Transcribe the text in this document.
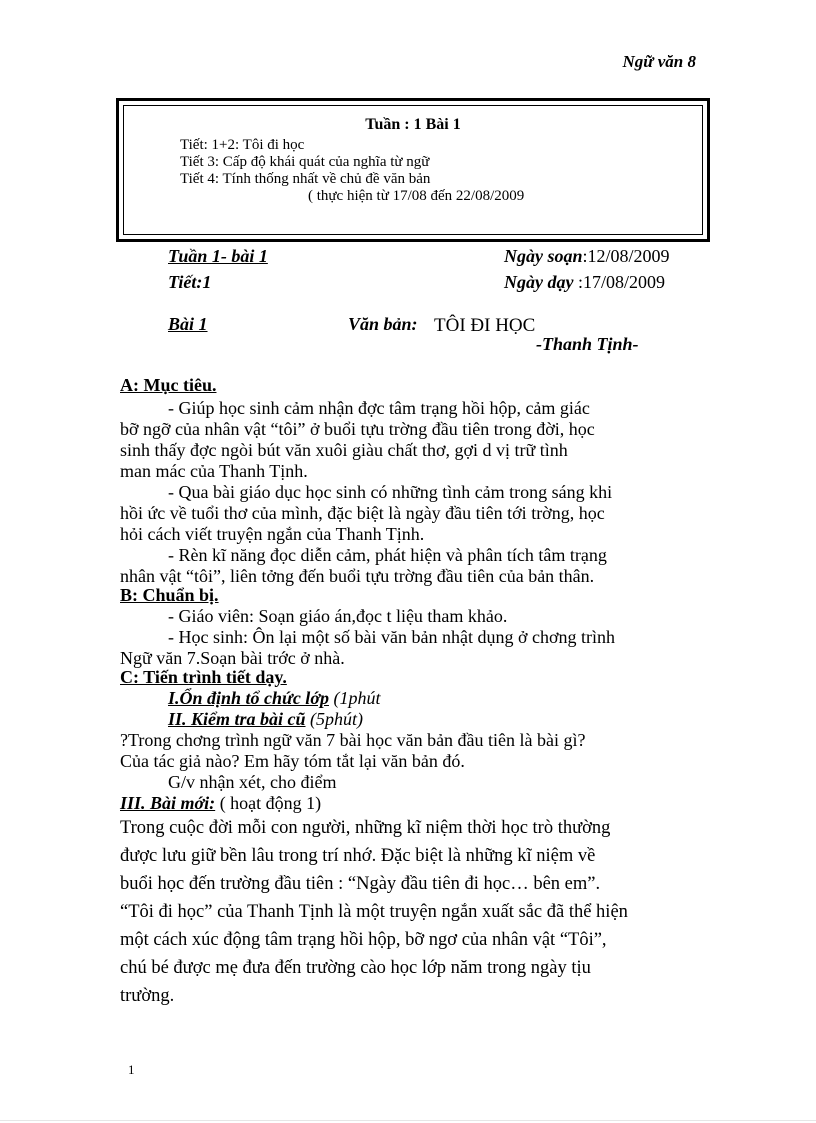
Ngữ văn 8
Tuần : 1 Bài 1
Tiết: 1+2: Tôi đi học
Tiết 3: Cấp độ khái quát của nghĩa từ ngữ
Tiết 4: Tính thống nhất về chủ đề văn bản
( thực hiện từ 17/08 đến 22/08/2009
Tuần 1- bài 1	Ngày soạn:12/08/2009
Tiết:1	Ngày dạy :17/08/2009
Bài 1	Văn bản: TÔI ĐI HỌC
-Thanh Tịnh-
A: Mục tiêu.
- Giúp học sinh cảm nhận đợc tâm trạng hồi hộp, cảm giác
bỡ ngỡ của nhân vật “tôi” ở buổi tựu trờng đầu tiên trong đời, học
sinh thấy đợc ngòi bút văn xuôi giàu chất thơ, gợi d vị trữ tình
man mác của Thanh Tịnh.
- Qua bài giáo dục học sinh có những tình cảm trong sáng khi
hồi ức về tuổi thơ của mình, đặc biệt là ngày đầu tiên tới trờng, học
hỏi cách viết truyện ngắn của Thanh Tịnh.
- Rèn kĩ năng đọc diễn cảm, phát hiện và phân tích tâm trạng
nhân vật “tôi”, liên tởng đến buổi tựu trờng đầu tiên của bản thân.
B: Chuẩn bị.
- Giáo viên: Soạn giáo án,đọc t liệu tham khảo.
- Học sinh: Ôn lại một số bài văn bản nhật dụng ở chơng trình
Ngữ văn 7.Soạn bài trớc ở nhà.
C: Tiến trình tiết dạy.
I.Ổn định tổ chức lớp (1phút
II. Kiểm tra bài cũ (5phút)
?Trong chơng trình ngữ văn 7 bài học văn bản đầu tiên là bài gì?
Của tác giả nào? Em hãy tóm tắt lại văn bản đó.
G/v nhận xét, cho điểm
III. Bài mới: ( hoạt động 1)
Trong cuộc đời mỗi con người, những kĩ niệm thời học trò thường
được lưu giữ bền lâu trong trí nhớ. Đặc biệt là những kĩ niệm về
buổi học đến trường đầu tiên : “Ngày đầu tiên đi học… bên em”.
“Tôi đi học” của Thanh Tịnh là một truyện ngắn xuất sắc đã thể hiện
một cách xúc động tâm trạng hồi hộp, bỡ ngơ của nhân vật “Tôi”,
chú bé được mẹ đưa đến trường cào học lớp năm trong ngày tịu
trường.
1
